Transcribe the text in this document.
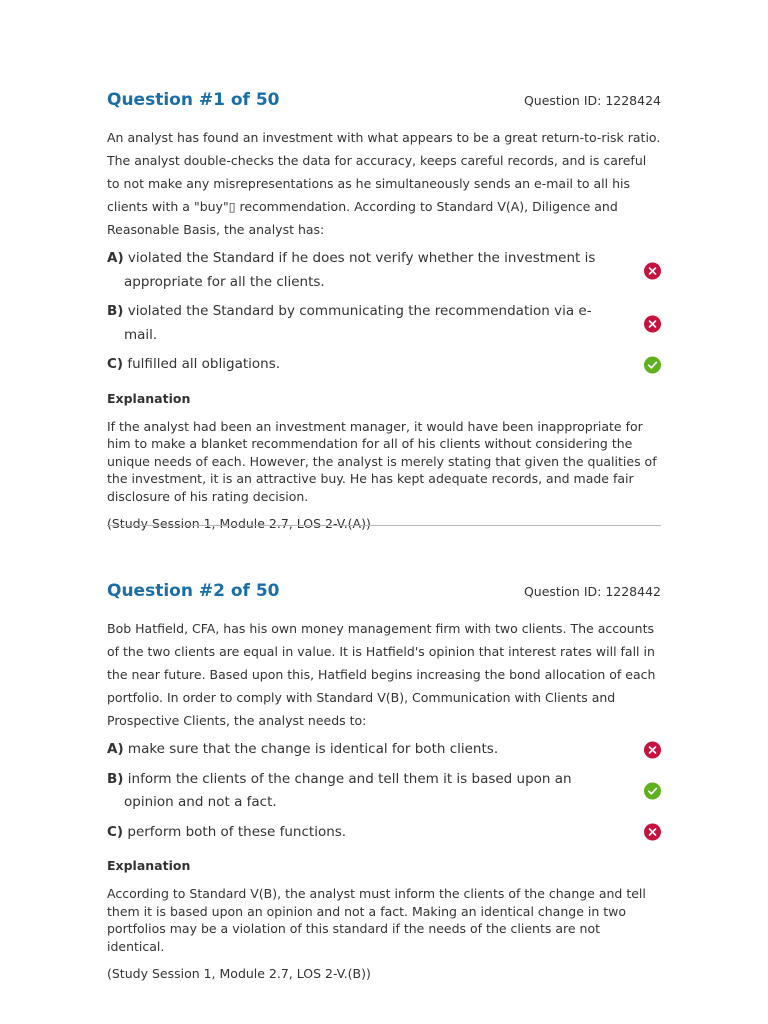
Question #1 of 50	Question ID: 1228424
An analyst has found an investment with what appears to be a great return-to-risk ratio. The analyst double-checks the data for accuracy, keeps careful records, and is careful to not make any misrepresentations as he simultaneously sends an e-mail to all his clients with a "buy"▯ recommendation. According to Standard V(A), Diligence and Reasonable Basis, the analyst has:
A) violated the Standard if he does not verify whether the investment is appropriate for all the clients.
B) violated the Standard by communicating the recommendation via e-mail.
C) fulfilled all obligations.
Explanation
If the analyst had been an investment manager, it would have been inappropriate for him to make a blanket recommendation for all of his clients without considering the unique needs of each. However, the analyst is merely stating that given the qualities of the investment, it is an attractive buy. He has kept adequate records, and made fair disclosure of his rating decision.
(Study Session 1, Module 2.7, LOS 2-V.(A))
Question #2 of 50	Question ID: 1228442
Bob Hatfield, CFA, has his own money management firm with two clients. The accounts of the two clients are equal in value. It is Hatfield's opinion that interest rates will fall in the near future. Based upon this, Hatfield begins increasing the bond allocation of each portfolio. In order to comply with Standard V(B), Communication with Clients and Prospective Clients, the analyst needs to:
A) make sure that the change is identical for both clients.
B) inform the clients of the change and tell them it is based upon an opinion and not a fact.
C) perform both of these functions.
Explanation
According to Standard V(B), the analyst must inform the clients of the change and tell them it is based upon an opinion and not a fact. Making an identical change in two portfolios may be a violation of this standard if the needs of the clients are not identical.
(Study Session 1, Module 2.7, LOS 2-V.(B))
